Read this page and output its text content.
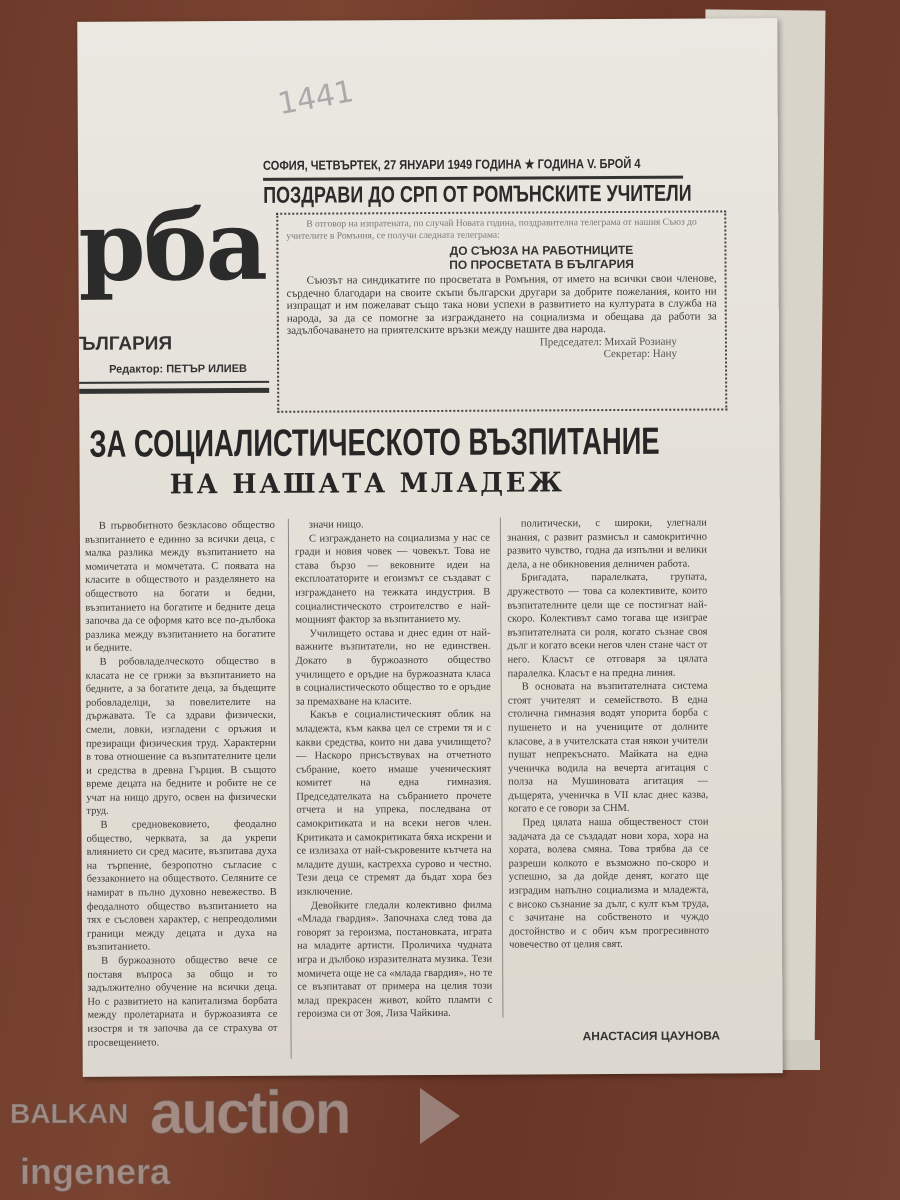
1441
рба
ЪЛГАРИЯ
Редактор: ПЕТЪР ИЛИЕВ
СОФИЯ, ЧЕТВЪРТЕК, 27 ЯНУАРИ 1949 ГОДИНА ★ ГОДИНА V. БРОЙ 4
ПОЗДРАВИ ДО СРП ОТ РОМЪНСКИТЕ УЧИТЕЛИ
В отговор на изпратената, по случай Новата година, поздравителна телеграма от нашия Съюз до учителите в Ромъния, се получи следната телеграма:
ДО СЪЮЗА НА РАБОТНИЦИТЕ
ПО ПРОСВЕТАТА В БЪЛГАРИЯ
Съюзът на синдикатите по просветата в Ромъния, от името на всички свои членове, сърдечно благодари на своите скъпи български другари за добрите пожелания, които ни изпращат и им пожелават също така нови успехи в развитието на културата в служба на народа, за да се помогне за изграждането на социализма и обещава да работи за задълбочаването на приятелските връзки между нашите два народа.
Председател: Михай Розиану
Секретар: Нану
ЗА СОЦИАЛИСТИЧЕСКОТО ВЪЗПИТАНИЕ
НА НАШАТА МЛАДЕЖ

В първобитното безкласово общество възпитанието е единно за всички деца, с малка разлика между възпитанието на момичетата и момчетата. С появата на класите в обществото и разделянето на обществото на богати и бедни, възпитанието на богатите и бедните деца започва да се оформя като все по-дълбока разлика между възпитанието на богатите и бедните.

В робовладелческото общество в класата не се грижи за възпитанието на бедните, а за богатите деца, за бъдещите робовладелци, за повелителите на държавата. Те са здрави физически, смели, ловки, изгладени с оръжия и презиращи физическия труд. Характерни в това отношение са възпитателните цели и средства в древна Гърция. В същото време децата на бедните и робите не се учат на нищо друго, освен на физически труд.

В средновековието, феодално общество, черквата, за да укрепи влиянието си сред масите, възпитава духа на търпение, безропотно съгласие с беззаконието на обществото. Селяните се намират в пълно духовно невежество. В феодалното общество възпитанието на тях е съсловен характер, с непреодолими граници между децата и духа на възпитанието.

В буржоазното общество вече се поставя въпроса за общо и то задължително обучение на всички деца. Но с развитието на капитализма борбата между пролетариата и буржоазията се изостря и тя започва да се страхува от просвещението.

значи нищо.

С изграждането на социализма у нас се гради и новия човек — човекът. Това не става бързо — вековните идеи на експлоататорите и егоизмът се създават с изграждането на тежката индустрия. В социалистическото строителство е най-мощният фактор за възпитанието му.

Училището остава и днес един от най-важните възпитатели, но не единствен. Докато в буржоазното общество училището е оръдие на буржоазната класа в социалистическото общество то е оръдие за премахване на класите.

Какъв е социалистическият облик на младежта, към каква цел се стреми тя и с какви средства, които ни дава училището? — Наскоро присъствувах на отчетното събрание, което имаше ученическият комитет на една гимназия. Председателката на събранието прочете отчета и на упрека, последвана от самокритиката и на всеки негов член. Критиката и самокритиката бяха искрени и се излизаха от най-съкровените кътчета на младите души, кастрехха сурово и честно. Тези деца се стремят да бъдат хора без изключение.

Девойките гледали колективно филма «Млада гвардия». Започнаха след това да говорят за героизма, постановката, играта на младите артисти. Проличиха чудната игра и дълбоко изразителната музика. Тези момичета още не са «млада гвардия», но те се възпитават от примера на целия този млад прекрасен живот, който пламти с героизма си от Зоя, Лиза Чайкина.

политически, с широки, улегнали знания, с развит размисъл и самокритично развито чувство, годна да изпълни и велики дела, а не обикновения делничен работа.

Бригадата, паралелката, групата, дружеството — това са колективите, които възпитателните цели ще се постигнат най-скоро. Колективът само тогава ще изиграе възпитателната си роля, когато съзнае своя дълг и когато всеки негов член стане част от него. Класът се отговаря за цялата паралелка. Класът е на предна линия.

В основата на възпитателната система стоят учителят и семейството. В една столична гимназия водят упорита борба с пушенето и на учениците от долните класове, а в учителската стая някои учители пушат непрекъснато. Майката на една ученичка водила на вечерта агитация с полза на Мушиновата агитация — дъщерята, ученичка в VII клас днес казва, когато е се говори за СНМ.

Пред цялата наша общественост стои задачата да се създадат нови хора, хора на хората, волева смяна. Това трябва да се разреши колкото е възможно по-скоро и успешно, за да дойде денят, когато ще изградим напълно социализма и младежта, с високо съзнание за дълг, с култ към труда, с зачитане на собственото и чуждо достойнство и с обич към прогресивното човечество от целия свят.

АНАСТАСИЯ ЦАУНОВА
BALKAN auction
ingenera
